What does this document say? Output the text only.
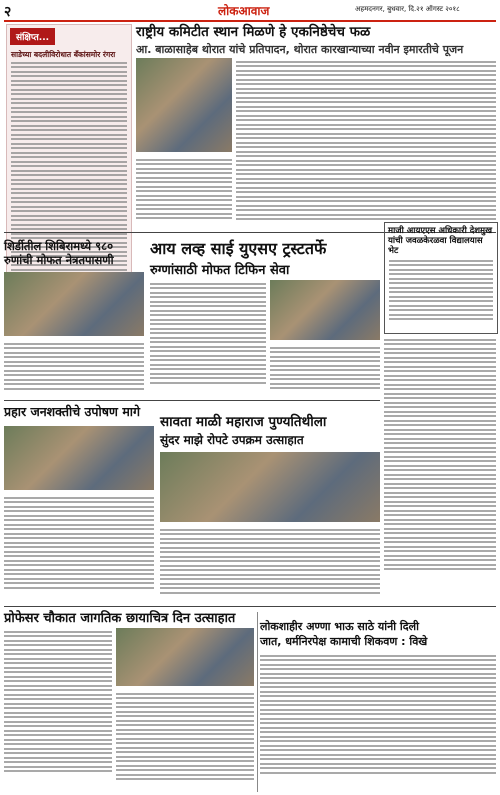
२	लोकआवाज	अहमदनगर, बुधवार, दि.२१ ऑगस्ट २०१८
संक्षिप्त...
साडेच्या बदलीविरोधात बँकांसमोर रंगरा
राष्ट्रीय कमिटीत स्थान मिळणे हे एकनिष्ठेचेच फळ
आ. बाळासाहेब थोरात यांचे प्रतिपादन, थोरात कारखान्याच्या नवीन इमारतीचे पूजन
शिर्डीतील शिबिरामध्ये ९८० रुणांची मोफत नेत्रतपासणी
आय लव्ह साई युएसए ट्रस्टतर्फे
रुग्णांसाठी मोफत टिफिन सेवा
माजी आयएएस अधिकारी देशमुख यांची जवळकेरळवा विद्यालयास भेट
प्रहार जनशक्तीचे उपोषण मागे
सावता माळी महाराज पुण्यतिथीला
सुंदर माझे रोपटे उपक्रम उत्साहात
प्रोफेसर चौकात जागतिक छायाचित्र दिन उत्साहात
लोकशाहीर अण्णा भाऊ साठे यांनी दिली
जात, धर्मनिरपेक्ष कामाची शिकवण : विखे
